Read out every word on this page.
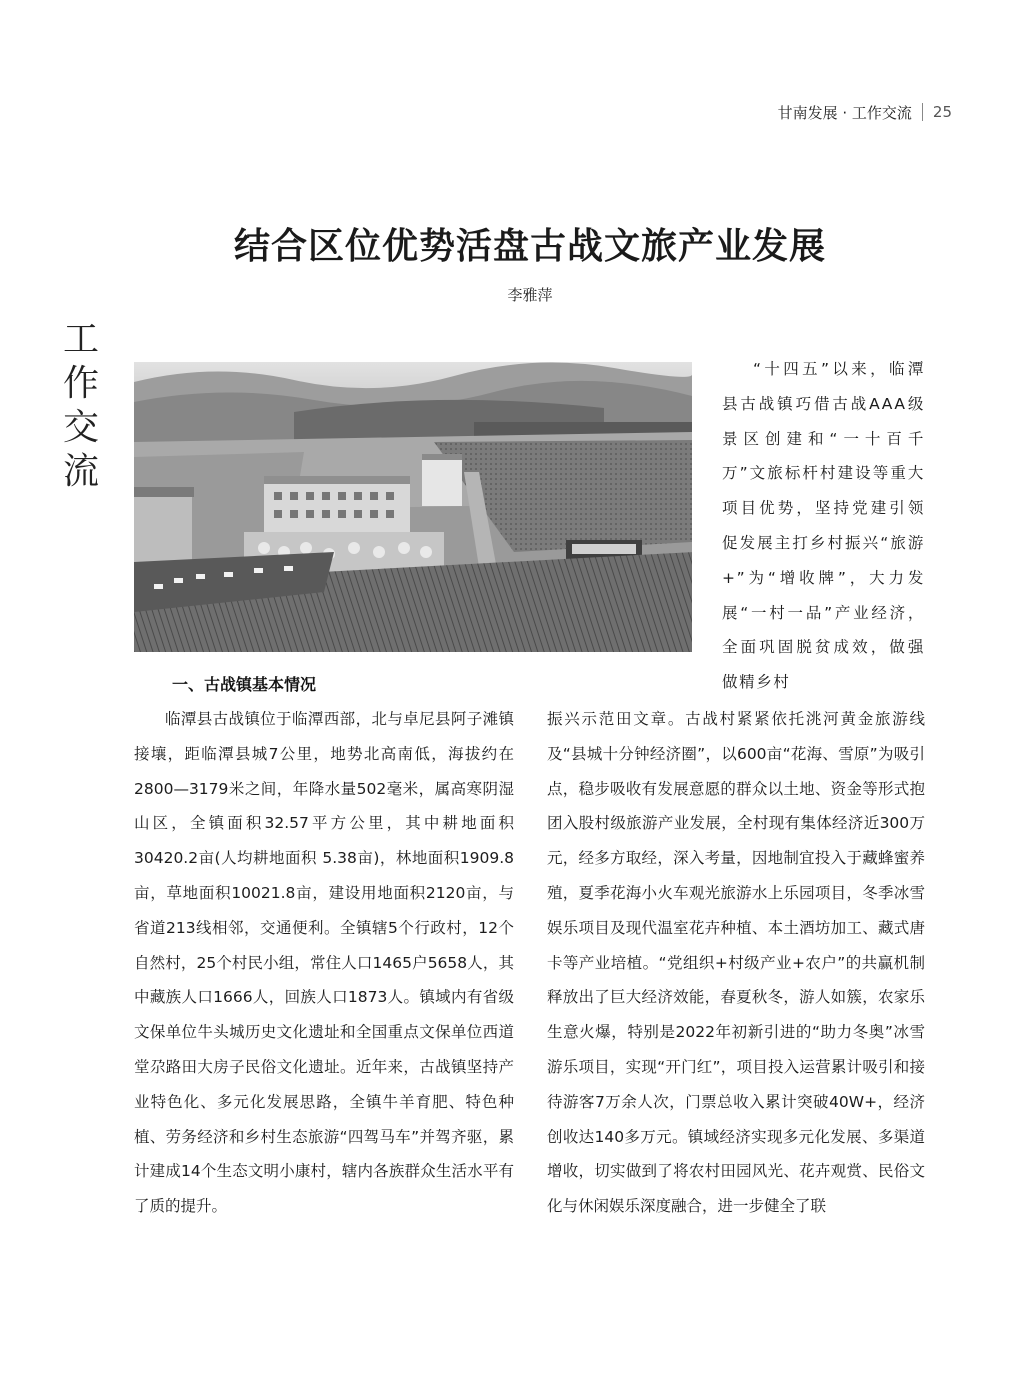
甘南发展 · 工作交流 25
结合区位优势活盘古战文旅产业发展
李雅萍
工作交流

“十四五”以来，临潭县古战镇巧借古战AAA级景区创建和“一十百千万”文旅标杆村建设等重大项目优势，坚持党建引领促发展主打乡村振兴“旅游+”为“增收牌”，大力发展“一村一品”产业经济，全面巩固脱贫成效，做强做精乡村

一、古战镇基本情况

临潭县古战镇位于临潭西部，北与卓尼县阿子滩镇接壤，距临潭县城7公里，地势北高南低，海拔约在2800—3179米之间，年降水量502毫米，属高寒阴湿山区，全镇面积32.57平方公里，其中耕地面积30420.2亩(人均耕地面积 5.38亩)，林地面积1909.8亩，草地面积10021.8亩，建设用地面积2120亩，与省道213线相邻，交通便利。全镇辖5个行政村，12个自然村，25个村民小组，常住人口1465户5658人，其中藏族人口1666人，回族人口1873人。镇域内有省级文保单位牛头城历史文化遗址和全国重点文保单位西道堂尕路田大房子民俗文化遗址。近年来，古战镇坚持产业特色化、多元化发展思路，全镇牛羊育肥、特色种植、劳务经济和乡村生态旅游“四驾马车”并驾齐驱，累计建成14个生态文明小康村，辖内各族群众生活水平有了质的提升。

振兴示范田文章。古战村紧紧依托洮河黄金旅游线及“县城十分钟经济圈”，以600亩“花海、雪原”为吸引点，稳步吸收有发展意愿的群众以土地、资金等形式抱团入股村级旅游产业发展，全村现有集体经济近300万元，经多方取经，深入考量，因地制宜投入于藏蜂蜜养殖，夏季花海小火车观光旅游水上乐园项目，冬季冰雪娱乐项目及现代温室花卉种植、本土酒坊加工、藏式唐卡等产业培植。“党组织+村级产业+农户”的共赢机制释放出了巨大经济效能，春夏秋冬，游人如簇，农家乐生意火爆，特别是2022年初新引进的“助力冬奥”冰雪游乐项目，实现“开门红”，项目投入运营累计吸引和接待游客7万余人次，门票总收入累计突破40W+，经济创收达140多万元。镇域经济实现多元化发展、多渠道增收，切实做到了将农村田园风光、花卉观赏、民俗文化与休闲娱乐深度融合，进一步健全了联
